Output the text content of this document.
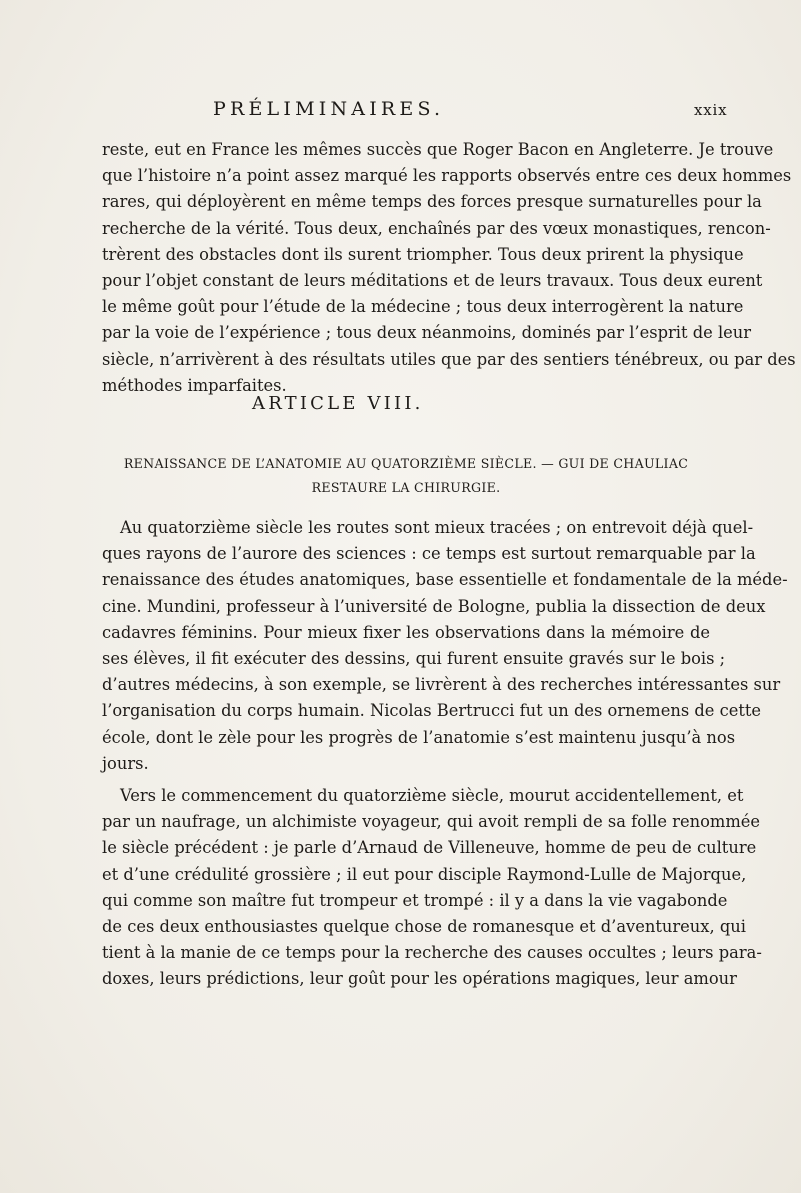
PRÉLIMINAIRES.	xxix
reste, eut en France les mêmes succès que Roger Bacon en Angleterre. Je trouve
que l’histoire n’a point assez marqué les rapports observés entre ces deux hommes
rares, qui déployèrent en même temps des forces presque surnaturelles pour la
recherche de la vérité. Tous deux, enchaînés par des vœux monastiques, rencon-
trèrent des obstacles dont ils surent triompher. Tous deux prirent la physique
pour l’objet constant de leurs méditations et de leurs travaux. Tous deux eurent
le même goût pour l’étude de la médecine ; tous deux interrogèrent la nature
par la voie de l’expérience ; tous deux néanmoins, dominés par l’esprit de leur
siècle, n’arrivèrent à des résultats utiles que par des sentiers ténébreux, ou par des
méthodes imparfaites.
ARTICLE VIII.
RENAISSANCE DE L’ANATOMIE AU QUATORZIÈME SIÈCLE. — GUI DE CHAULIAC
RESTAURE LA CHIRURGIE.
Au quatorzième siècle les routes sont mieux tracées ; on entrevoit déjà quel-
ques rayons de l’aurore des sciences : ce temps est surtout remarquable par la
renaissance des études anatomiques, base essentielle et fondamentale de la méde-
cine. Mundini, professeur à l’université de Bologne, publia la dissection de deux
cadavres féminins. Pour mieux fixer les observations dans la mémoire de
ses élèves, il fit exécuter des dessins, qui furent ensuite gravés sur le bois ;
d’autres médecins, à son exemple, se livrèrent à des recherches intéressantes sur
l’organisation du corps humain. Nicolas Bertrucci fut un des ornemens de cette
école, dont le zèle pour les progrès de l’anatomie s’est maintenu jusqu’à nos
jours.
Vers le commencement du quatorzième siècle, mourut accidentellement, et
par un naufrage, un alchimiste voyageur, qui avoit rempli de sa folle renommée
le siècle précédent : je parle d’Arnaud de Villeneuve, homme de peu de culture
et d’une crédulité grossière ; il eut pour disciple Raymond-Lulle de Majorque,
qui comme son maître fut trompeur et trompé : il y a dans la vie vagabonde
de ces deux enthousiastes quelque chose de romanesque et d’aventureux, qui
tient à la manie de ce temps pour la recherche des causes occultes ; leurs para-
doxes, leurs prédictions, leur goût pour les opérations magiques, leur amour
